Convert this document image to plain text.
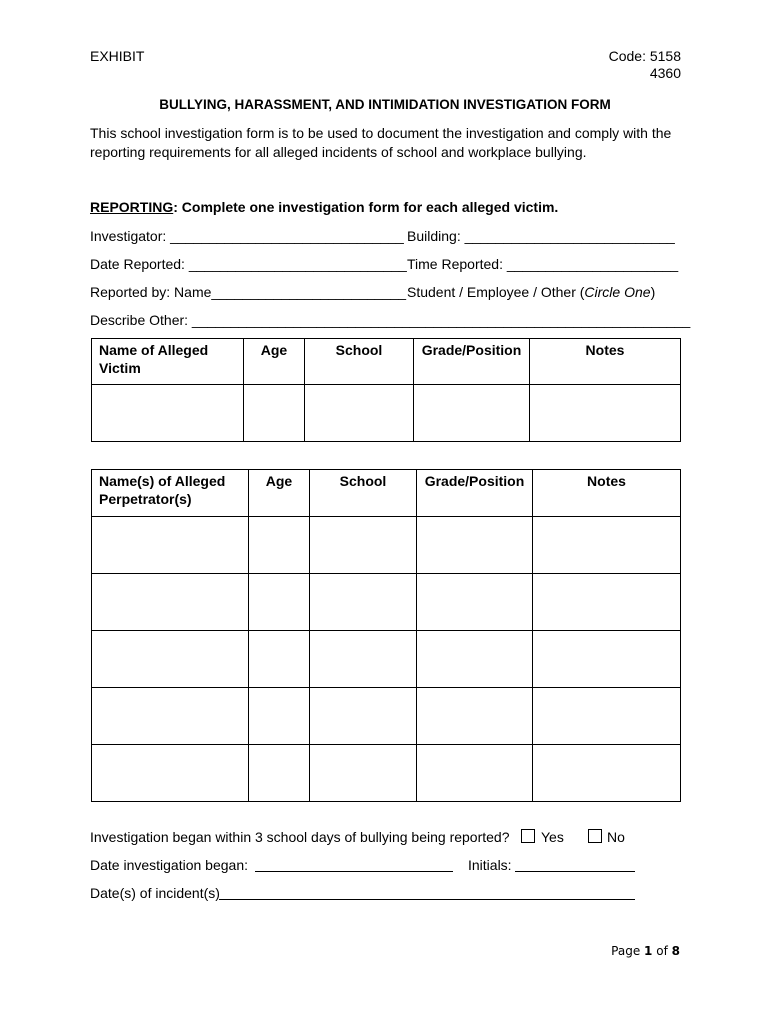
EXHIBIT	Code: 5158
4360
BULLYING, HARASSMENT, AND INTIMIDATION INVESTIGATION FORM
This school investigation form is to be used to document the investigation and comply with the
reporting requirements for all alleged incidents of school and workplace bullying.
REPORTING: Complete one investigation form for each alleged victim.
Investigator: ______________________________ Building: ___________________________
Date Reported: ____________________________ Time Reported: ______________________
Reported by: Name_________________________ Student / Employee / Other (Circle One)
Describe Other: ________________________________________________________________
Name of Alleged Victim	Age	School	Grade/Position	Notes

Name(s) of Alleged Perpetrator(s)	Age	School	Grade/Position	Notes

Investigation began within 3 school days of bullying being reported? Yes	No
Date investigation began:	Initials:
Date(s) of incident(s)
Page 1 of 8
